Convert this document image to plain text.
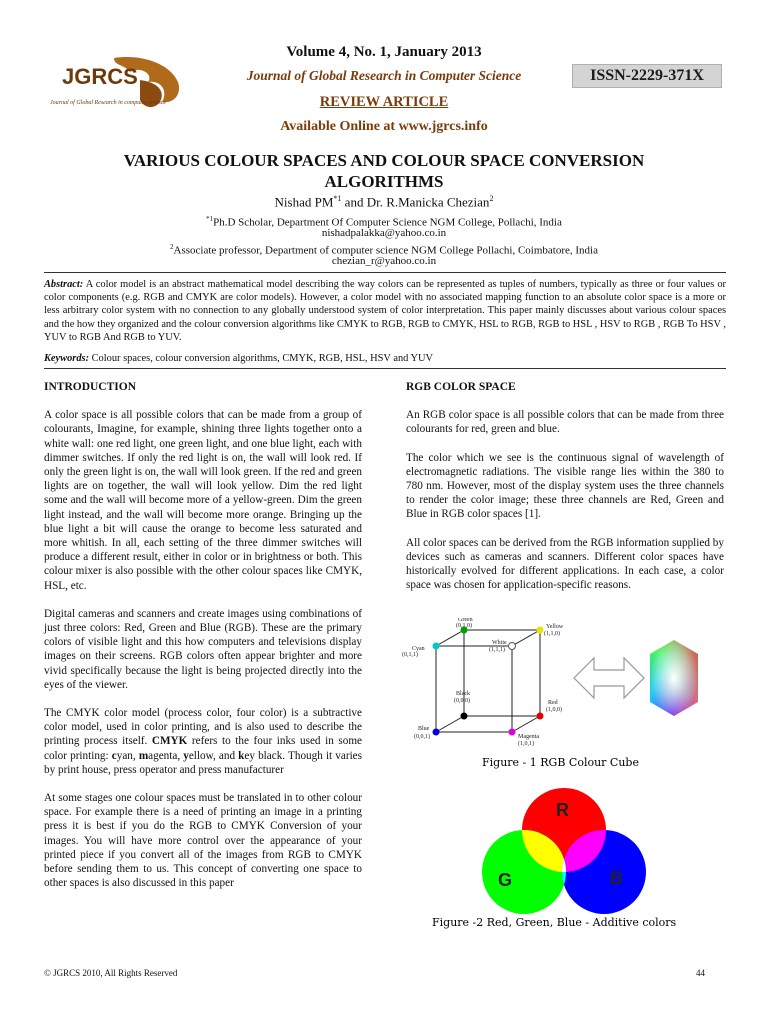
JGRCS
Journal of Global Research in computer science
Volume 4, No. 1, January 2013
Journal of Global Research in Computer Science
REVIEW ARTICLE
Available Online at www.jgrcs.info
ISSN-2229-371X
VARIOUS COLOUR SPACES AND COLOUR SPACE CONVERSION
ALGORITHMS
Nishad PM$^{*1}$ and Dr. R.Manicka Chezian$^2$
$^{*1}$Ph.D Scholar, Department Of Computer Science NGM College, Pollachi, India
nishadpalakka@yahoo.co.in
$^2$Associate professor, Department of computer science NGM College Pollachi, Coimbatore, India
chezian_r@yahoo.co.in
Abstract: A color model is an abstract mathematical model describing the way colors can be represented as tuples of numbers, typically as three or four values or color components (e.g. RGB and CMYK are color models). However, a color model with no associated mapping function to an absolute color space is a more or less arbitrary color system with no connection to any globally understood system of color interpretation. This paper mainly discusses about various colour spaces and the how they organized and the colour conversion algorithms like CMYK to RGB, RGB to CMYK, HSL to RGB, RGB to HSL , HSV to RGB , RGB To HSV , YUV to RGB And RGB to YUV.
Keywords: Colour spaces, colour conversion algorithms, CMYK, RGB, HSL, HSV and YUV

INTRODUCTION

A color space is all possible colors that can be made from a group of colourants, Imagine, for example, shining three lights together onto a white wall: one red light, one green light, and one blue light, each with dimmer switches. If only the red light is on, the wall will look red. If only the green light is on, the wall will look green. If the red and green lights are on together, the wall will look yellow. Dim the red light some and the wall will become more of a yellow-green. Dim the green light instead, and the wall will become more orange. Bringing up the blue light a bit will cause the orange to become less saturated and more whitish. In all, each setting of the three dimmer switches will produce a different result, either in color or in brightness or both. This colour mixer is also possible with the other colour spaces like CMYK, HSL, etc.

Digital cameras and scanners and create images using combinations of just three colors: Red, Green and Blue (RGB). These are the primary colors of visible light and this how computers and televisions display images on their screens. RGB colors often appear brighter and more vivid specifically because the light is being projected directly into the eyes of the viewer.

The CMYK color model (process color, four color) is a subtractive color model, used in color printing, and is also used to describe the printing process itself. CMYK refers to the four inks used in some color printing: cyan, magenta, yellow, and key black. Though it varies by print house, press operator and press manufacturer

At some stages one colour spaces must be translated in to other colour space. For example there is a need of printing an image in a printing press it is best if you do the RGB to CMYK Conversion of your images. You will have more control over the appearance of your printed piece if you convert all of the images from RGB to CMYK before sending them to us. This concept of converting one space to other spaces is also discussed in this paper

RGB COLOR SPACE

An RGB color space is all possible colors that can be made from three colourants for red, green and blue.

The color which we see is the continuous signal of wavelength of electromagnetic radiations. The visible range lies within the 380 to 780 nm. However, most of the display system uses the three channels to render the color image; these three channels are Red, Green and Blue in RGB color spaces [1].

All color spaces can be derived from the RGB information supplied by devices such as cameras and scanners. Different color spaces have historically evolved for different applications. In each case, a color space was chosen for application-specific reasons.

Green
(0,1,0)	Yellow
(1,1,0)
Cyan
(0,1,1)
White
(1,1,1)
Black
(0,0,0)	Red
(1,0,0)
Blue
(0,0,1)	Magenta
(1,0,1)
Figure - 1 RGB Colour Cube
R
G	B
Figure -2 Red, Green, Blue - Additive colors
© JGRCS 2010, All Rights Reserved	44
